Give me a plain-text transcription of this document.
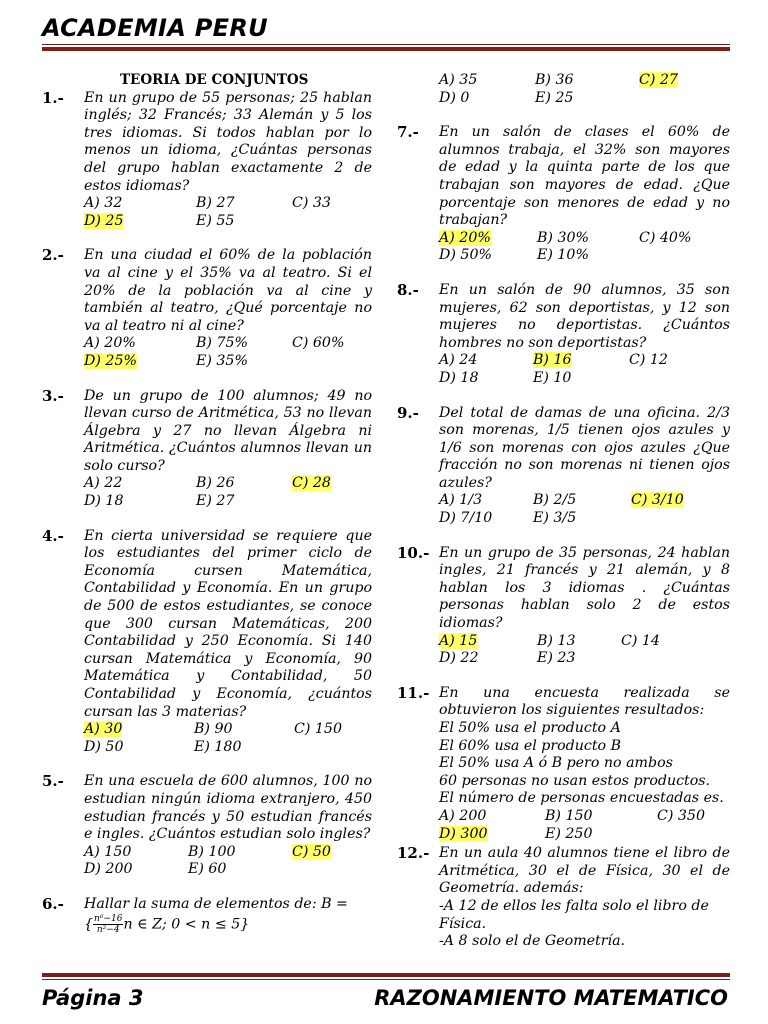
ACADEMIA PERU
TEORIA DE CONJUNTOS
1.- En un grupo de 55 personas; 25 hablan inglés; 32 Francés; 33 Alemán y 5 los tres idiomas. Si todos hablan por lo menos un idioma, ¿Cuántas personas del grupo hablan exactamente 2 de estos idiomas?
A) 32	B) 27	C) 33
D) 25	E) 55
2.- En una ciudad el 60% de la población va al cine y el 35% va al teatro. Si el 20% de la población va al cine y también al teatro, ¿Qué porcentaje no va al teatro ni al cine?
A) 20%	B) 75%	C) 60%
D) 25%	E) 35%
3.- De un grupo de 100 alumnos; 49 no llevan curso de Aritmética, 53 no llevan Álgebra y 27 no llevan Álgebra ni Aritmética. ¿Cuántos alumnos llevan un solo curso?
A) 22	B) 26	C) 28
D) 18	E) 27
4.- En cierta universidad se requiere que los estudiantes del primer ciclo de Economía cursen Matemática, Contabilidad y Economía. En un grupo de 500 de estos estudiantes, se conoce que 300 cursan Matemáticas, 200 Contabilidad y 250 Economía. Si 140 cursan Matemática y Economía, 90 Matemática y Contabilidad, 50 Contabilidad y Economía, ¿cuántos cursan las 3 materias?
A) 30	B) 90	C) 150
D) 50	E) 180
5.- En una escuela de 600 alumnos, 100 no estudian ningún idioma extranjero, 450 estudian francés y 50 estudian francés e ingles. ¿Cuántos estudian solo ingles?
A) 150	B) 100	C) 50
D) 200	E) 60
6.- Hallar la suma de elementos de: B =
{ $\frac{\text{n⁶−16}}{\text{n²−4}}$ n ∈ Z; 0 < n ≤ 5}
A) 35	B) 36	C) 27
D) 0	E) 25
7.- En un salón de clases el 60% de alumnos trabaja, el 32% son mayores de edad y la quinta parte de los que trabajan son mayores de edad. ¿Que porcentaje son menores de edad y no trabajan?
A) 20%	B) 30%	C) 40%
D) 50%	E) 10%
8.- En un salón de 90 alumnos, 35 son mujeres, 62 son deportistas, y 12 son mujeres no deportistas. ¿Cuántos hombres no son deportistas?
A) 24	B) 16	C) 12
D) 18	E) 10
9.- Del total de damas de una oficina. 2/3 son morenas, 1/5 tienen ojos azules y 1/6 son morenas con ojos azules ¿Que fracción no son morenas ni tienen ojos azules?
A) 1/3	B) 2/5	C) 3/10
D) 7/10	E) 3/5
10.- En un grupo de 35 personas, 24 hablan ingles, 21 francés y 21 alemán, y 8 hablan los 3 idiomas . ¿Cuántas personas hablan solo 2 de estos idiomas?
A) 15	B) 13	C) 14
D) 22	E) 23
11.- En una encuesta realizada se obtuvieron los siguientes resultados:
El 50% usa el producto A
El 60% usa el producto B
El 50% usa A ó B pero no ambos
60 personas no usan estos productos.
El número de personas encuestadas es.
A) 200	B) 150	C) 350
D) 300	E) 250
12.- En un aula 40 alumnos tiene el libro de Aritmética, 30 el de Física, 30 el de Geometría. además:
-A 12 de ellos les falta solo el libro de Física.
-A 8 solo el de Geometría.
Página 3	RAZONAMIENTO MATEMATICO
